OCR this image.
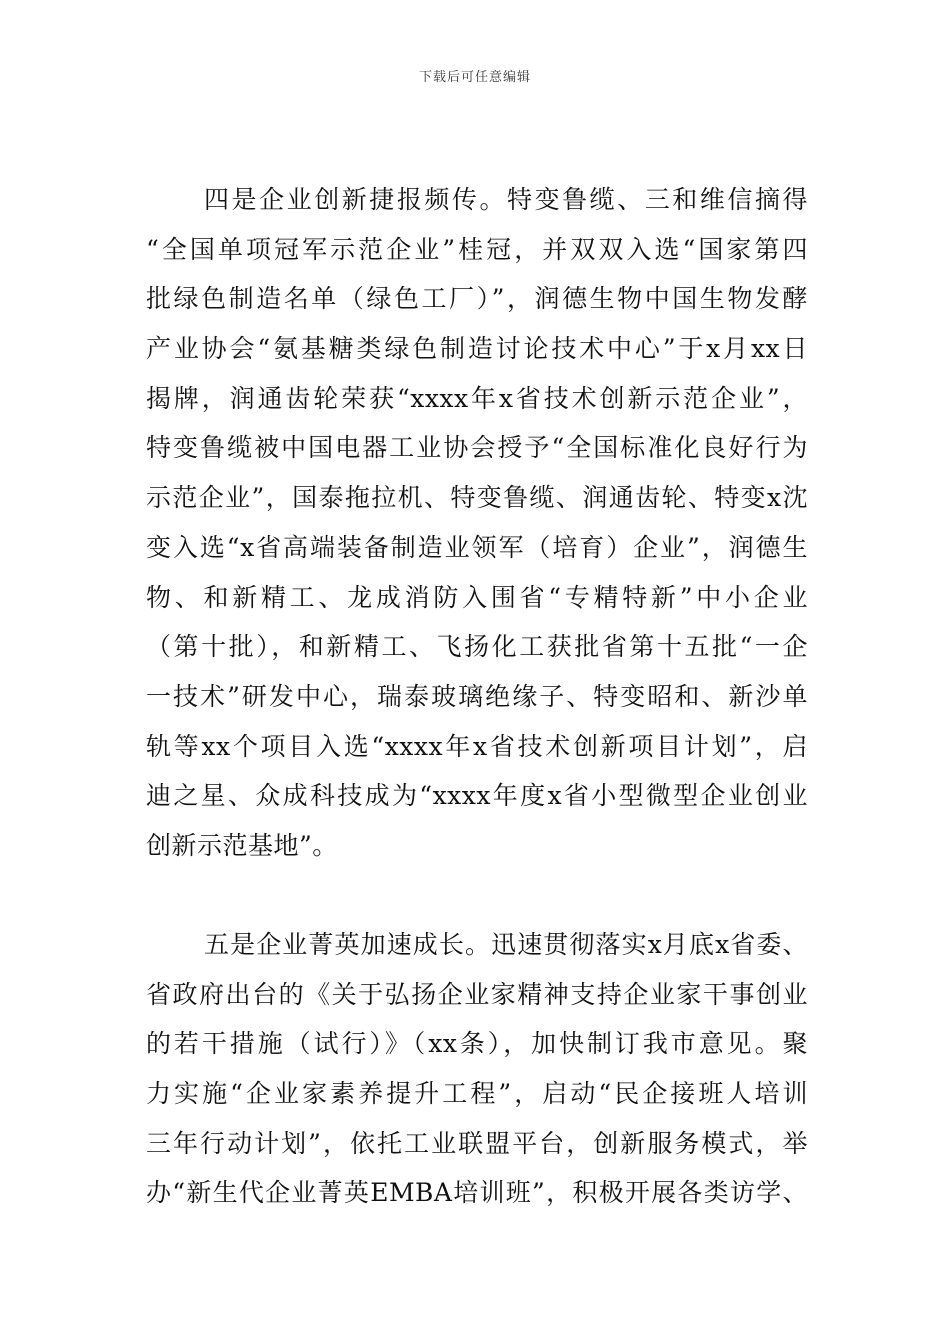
下载后可任意编辑
四是企业创新捷报频传。特变鲁缆、三和维信摘得
“全国单项冠军示范企业”桂冠，并双双入选“国家第四
批绿色制造名单（绿色工厂）”，润德生物中国生物发酵
产业协会“氨基糖类绿色制造讨论技术中心”于x月xx日
揭牌，润通齿轮荣获“xxxx年x省技术创新示范企业”，
特变鲁缆被中国电器工业协会授予“全国标准化良好行为
示范企业”，国泰拖拉机、特变鲁缆、润通齿轮、特变x沈
变入选“x省高端装备制造业领军（培育）企业”，润德生
物、和新精工、龙成消防入围省“专精特新”中小企业
（第十批），和新精工、飞扬化工获批省第十五批“一企
一技术”研发中心，瑞泰玻璃绝缘子、特变昭和、新沙单
轨等xx个项目入选“xxxx年x省技术创新项目计划”，启
迪之星、众成科技成为“xxxx年度x省小型微型企业创业
创新示范基地”。
五是企业菁英加速成长。迅速贯彻落实x月底x省委、
省政府出台的《关于弘扬企业家精神支持企业家干事创业
的若干措施（试行）》（xx条），加快制订我市意见。聚
力实施“企业家素养提升工程”，启动“民企接班人培训
三年行动计划”，依托工业联盟平台，创新服务模式，举
办“新生代企业菁英EMBA培训班”，积极开展各类访学、
